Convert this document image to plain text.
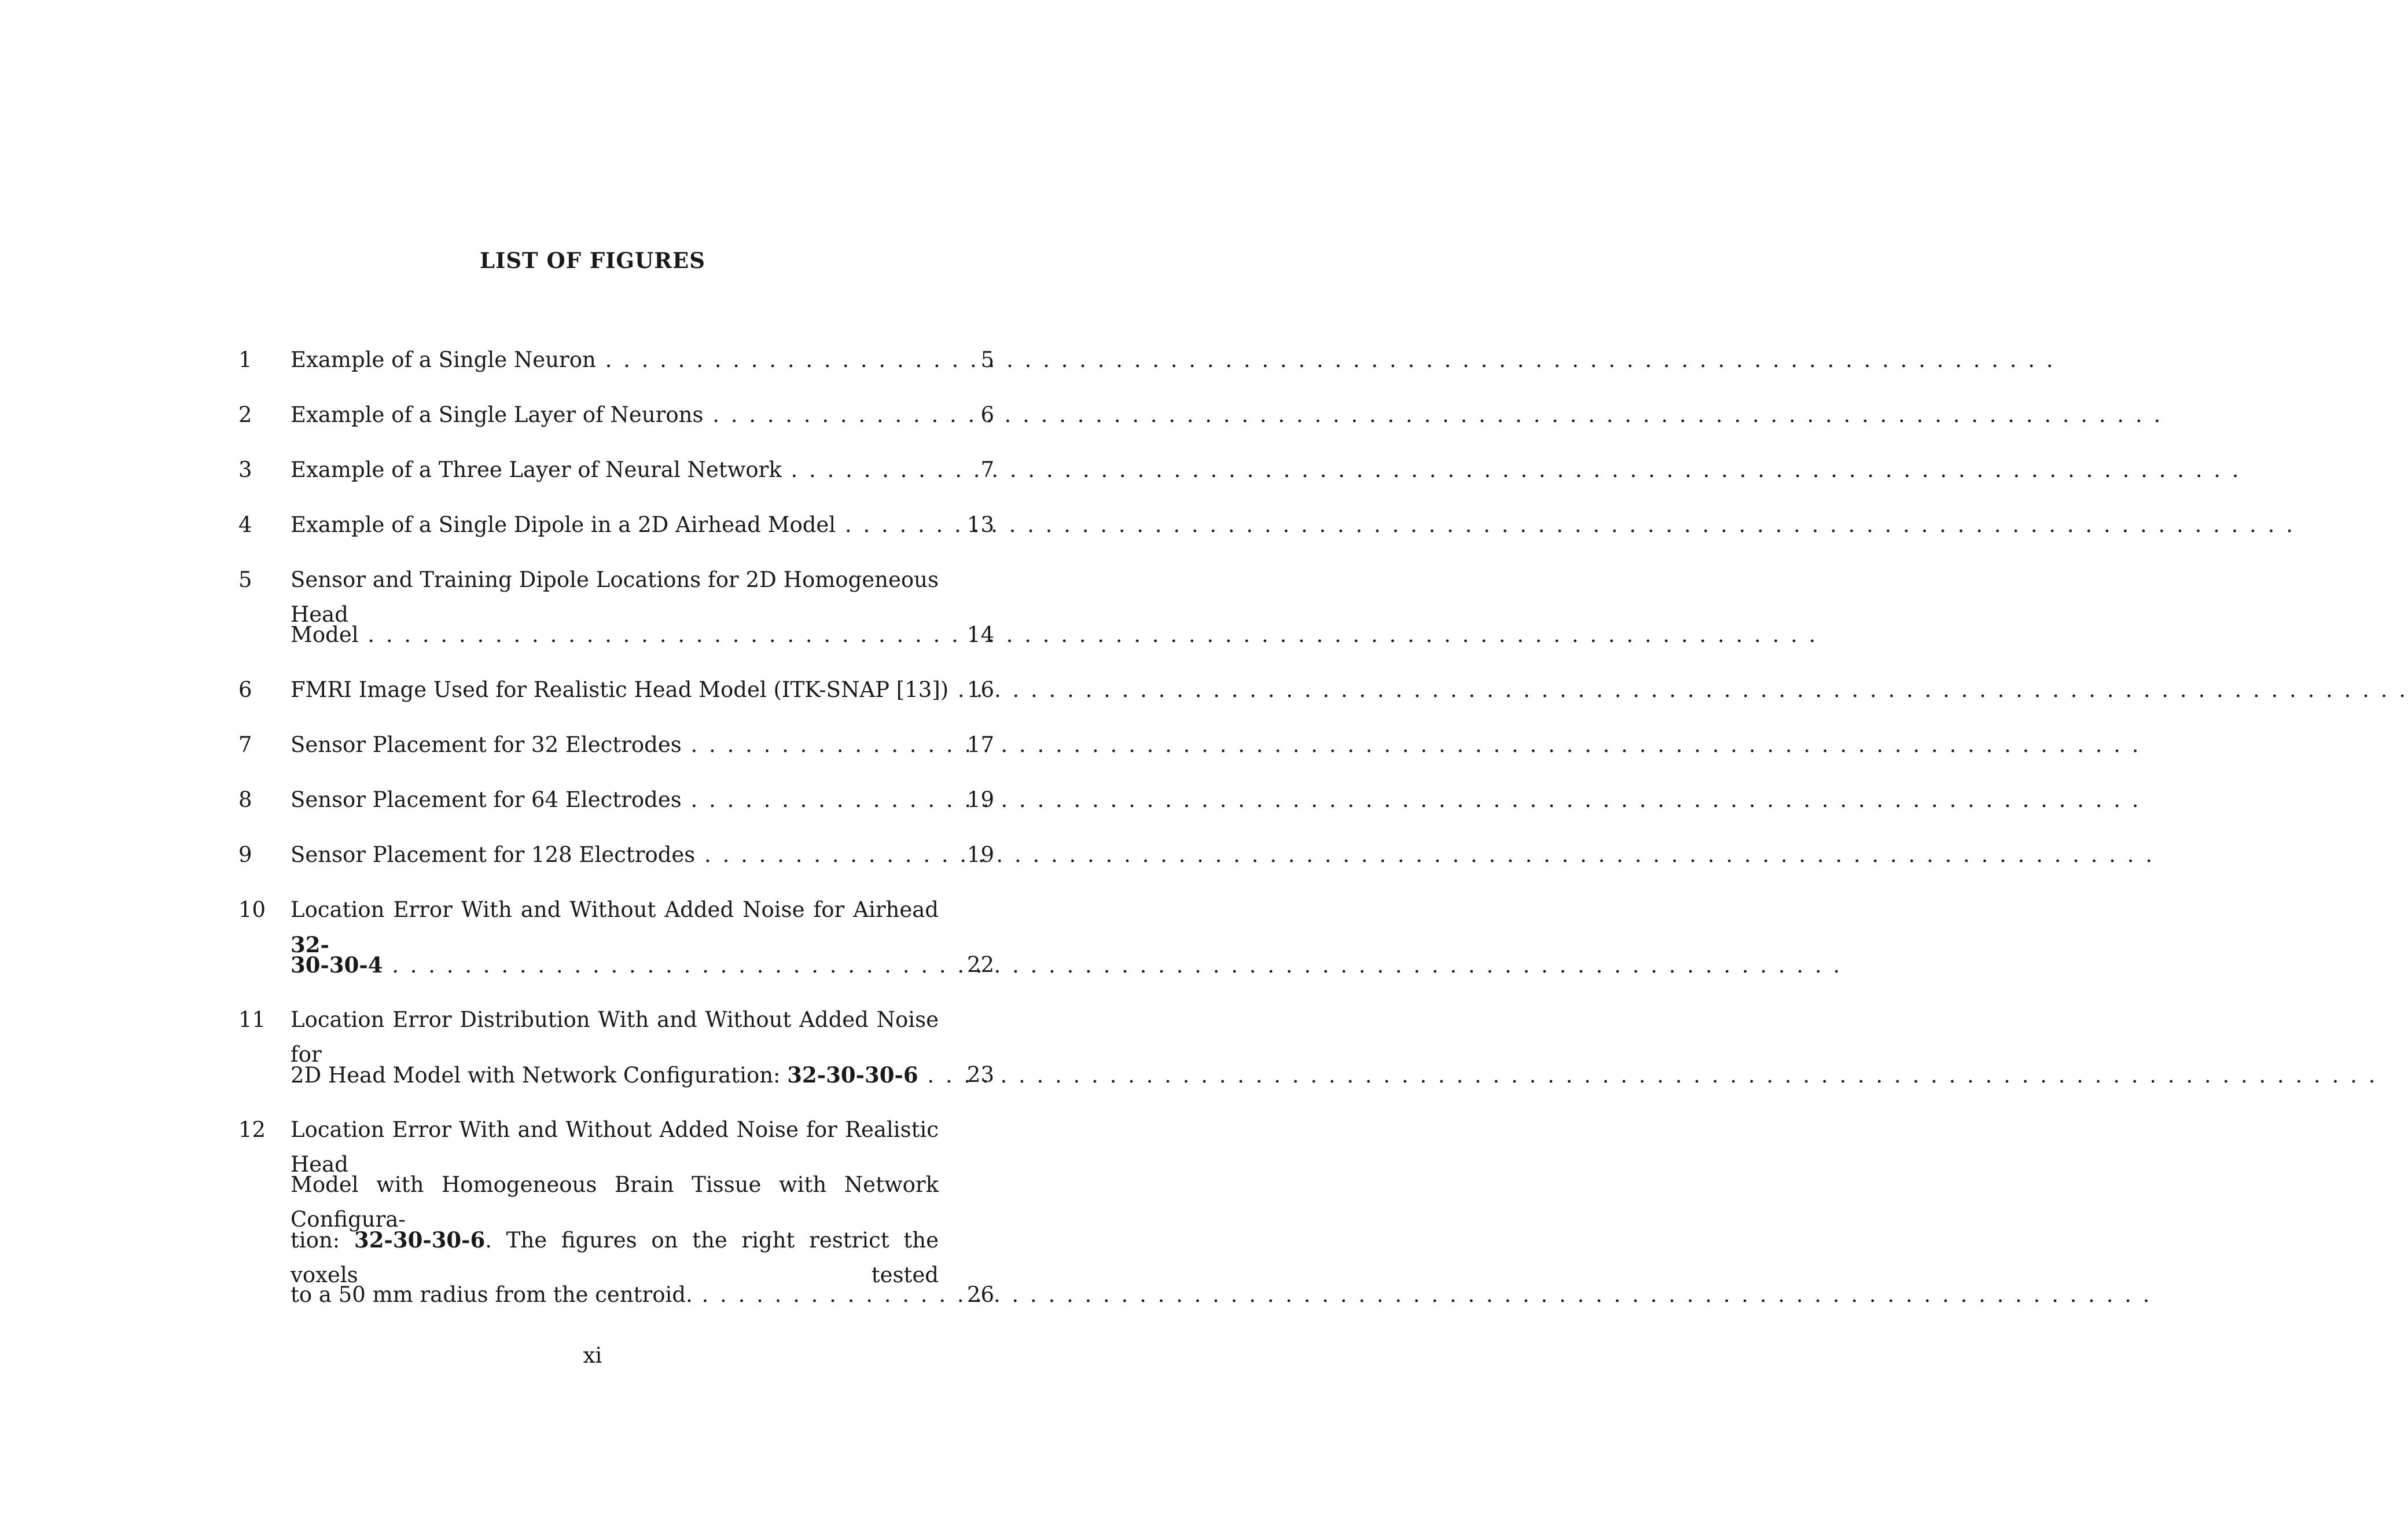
LIST OF FIGURES
1 Example of a Single Neuron . . .	5
2 Example of a Single Layer of Neurons . . .	6
3 Example of a Three Layer of Neural Network . . .	7
4 Example of a Single Dipole in a 2D Airhead Model . . .	13
5 Sensor and Training Dipole Locations for 2D Homogeneous Head
Model . . .	14
6 FMRI Image Used for Realistic Head Model (ITK-SNAP [13]) . . . 16
7 Sensor Placement for 32 Electrodes . . .	17
8 Sensor Placement for 64 Electrodes . . .	19
9 Sensor Placement for 128 Electrodes . . .	19
10 Location Error With and Without Added Noise for Airhead 32-
30-30-4 . . .	22
11 Location Error Distribution With and Without Added Noise for
2D Head Model with Network Configuration: 32-30-30-6 . . .	23
12 Location Error With and Without Added Noise for Realistic Head
Model with Homogeneous Brain Tissue with Network Configura-
tion: 32-30-30-6. The figures on the right restrict the voxels tested
to a 50 mm radius from the centroid. . . .	26
xi
